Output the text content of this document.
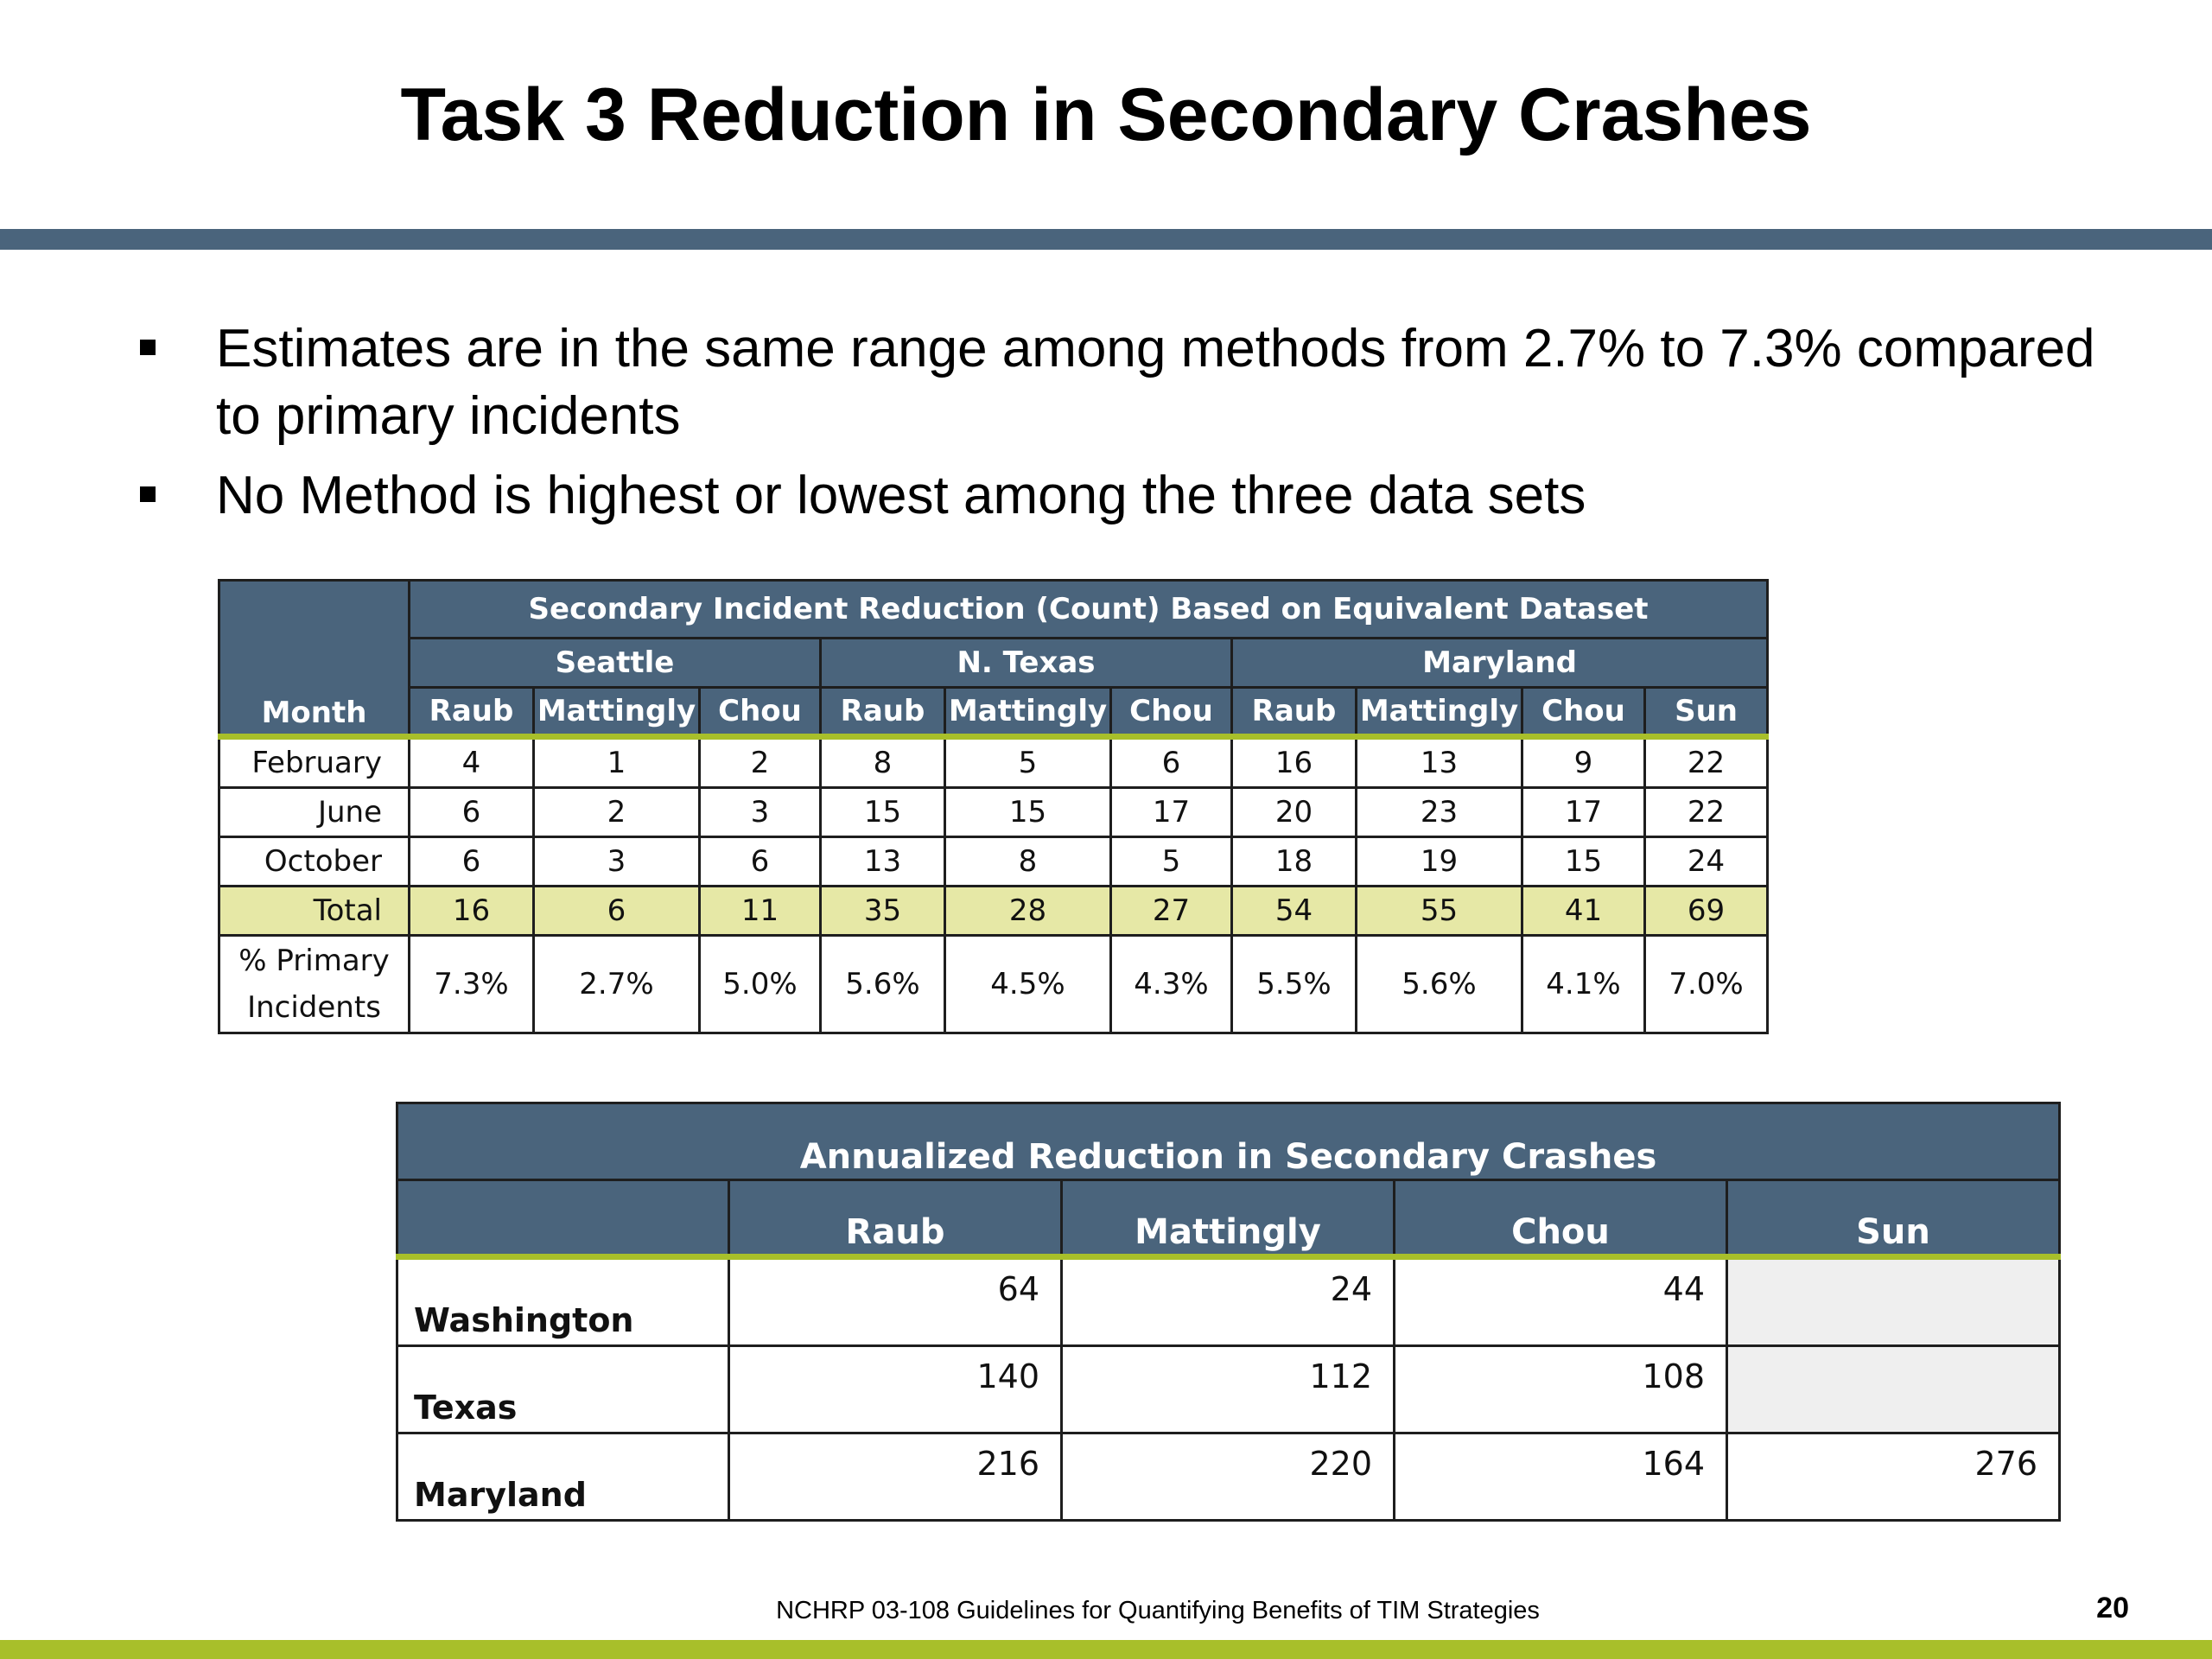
Task 3 Reduction in Secondary Crashes
Estimates are in the same range among methods from 2.7% to 7.3% compared to primary incidents
No Method is highest or lowest among the three data sets
Month	Secondary Incident Reduction (Count) Based on Equivalent Dataset									
	Seattle			N. Texas			Maryland			
	Raub	Mattingly	Chou	Raub	Mattingly	Chou	Raub	Mattingly	Chou	Sun
February	4	1	2	8	5	6	16	13	9	22
June	6	2	3	15	15	17	20	23	17	22
October	6	3	6	13	8	5	18	19	15	24
Total	16	6	11	35	28	27	54	55	41	69
% Primary
Incidents	7.3%	2.7%	5.0%	5.6%	4.5%	4.3%	5.5%	5.6%	4.1%	7.0%
Annualized Reduction in Secondary Crashes				
	Raub	Mattingly	Chou	Sun
Washington	64	24	44	
Texas	140	112	108	
Maryland	216	220	164	276
NCHRP 03-108 Guidelines for Quantifying Benefits of TIM Strategies	20
